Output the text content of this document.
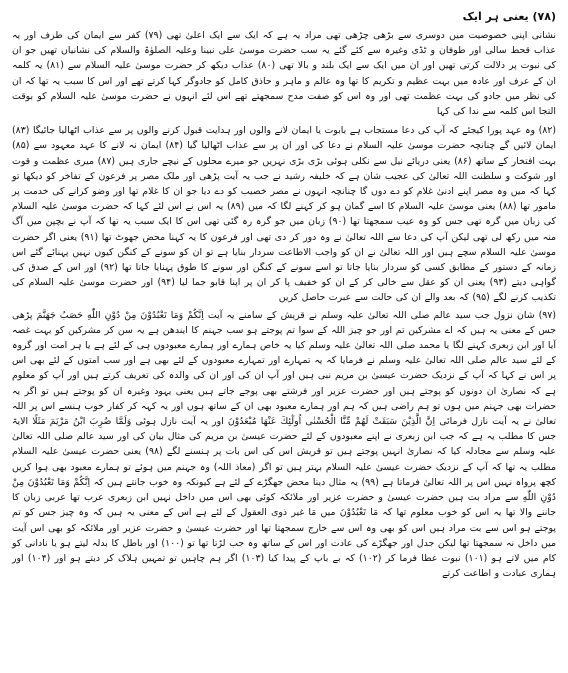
(۷۸) یعنی ہر ایک

نشانی اپنی خصوصیت میں دوسری سے بڑھی چڑھی تھی مراد یہ ہے کہ ایک سے ایک اعلیٰ تھی (۷۹) کفر سے ایمان کی طرف اور یہ عذاب قحط سالی اور طوفان و ٹڈی وغیرہ سے کئے گئے یہ سب حضرت موسیٰ علی نبینا وعلیہ الصلوٰۃ والسلام کی نشانیاں تھیں جو ان کی نبوت پر دلالت کرتی تھیں اور ان میں ایک سے ایک بلند و بالا تھی (۸۰) عذاب دیکھ کر حضرت موسیٰ علیہ السلام سے (۸۱) یہ کلمہ ان کے عرف اور عادہ میں بہت عظیم و تکریم کا تھا وہ عالم و ماہر و حاذق کامل کو جادوگر کہا کرتے تھے اور اس کا سبب یہ تھا کہ ان کی نظر میں جادو کی بہت عظمت تھی اور وہ اس کو صفت مدح سمجھتے تھے اس لئے انہوں نے حضرت موسیٰ علیہ السلام کو بوقت التجا اس کلمہ سے ندا کی کہا

(۸۲) وہ عہد پورا کیجئے کہ آپ کی دعا مستجاب ہے بابوت یا ایمان لانے والوں اور ہدایت قبول کرنے والوں پر سے عذاب اٹھالیا جائیگا (۸۳) ایمان لائیں گے چنانچہ حضرت موسیٰ علیہ السلام نے دعا کی اور ان پر سے عذاب اٹھالیا گیا (۸۴) ایمان نہ لانے کا عہد معہود سے (۸۵) بہت افتخار کے ساتھ (۸۶) یعنی دریائے نیل سے نکلی ہوئی بڑی بڑی نہریں جو میرے محلوں کے نیچے جاری ہیں (۸۷) میری عظمت و قوت اور شوکت و سلطنت اللہ تعالیٰ کی عجیب شان ہے کہ خلیفہ رشید نے جب یہ آیت پڑھی اور ملک مصر پر فرعون کے تفاخر کو دیکھا تو کہا کہ میں وہ مصر اپنے ادنیٰ غلام کو دے دوں گا چنانچہ انہوں نے مصر خصیب کو دے دیا جو ان کا غلام تھا اور وضو کرانے کی خدمت پر مامور تھا (۸۸) یعنی موسیٰ علیہ السلام کا اسے گمان ہو کر کہنے لگا کہ میں (۸۹) یہ اس نے اس لئے کہا کہ حضرت موسیٰ علیہ السلام کی زبان میں گرہ تھی جس کو وہ عیب سمجھتا تھا (۹۰) زبان میں جو گرہ رہ گئی تھی اس کا ایک سبب یہ تھا کہ آپ نے بچپن میں آگ منہ میں رکھ لی تھی لیکن آپ کی دعا سے اللہ تعالیٰ نے وہ دور کر دی تھی اور فرعون کا یہ کہنا محض جھوٹ تھا (۹۱) یعنی اگر حضرت موسیٰ علیہ السلام سچے ہیں اور اللہ تعالیٰ نے ان کو واجب الاطاعت سردار بنایا ہے تو ان کو سونے کے کنگن کیوں نہیں پہنائے گئے اس زمانہ کے دستور کے مطابق کسی کو سردار بنایا جاتا تو اسے سونے کے کنگن اور سونے کا طوق پہنایا جاتا تھا (۹۲) اور اس کے صدق کی گواہی دیتے (۹۳) یعنی ان کو عقل سے خالی کر کے ان کو خفیف پا کر ان پر اپنا قابو جما لیا (۹۴) اور حضرت موسیٰ علیہ السلام کی تکذیب کرنے لگے (۹۵) کہ بعد والے ان کی حالت سے عبرت حاصل کریں

(۹۷) شان نزول جب سید عالم صلی اللہ تعالیٰ علیہ وسلم نے قریش کے سامنے یہ آیت اِنَّكُمْ وَمَا تَعْبُدُوْنَ مِنْ دُوْنِ اللّٰهِ حَصَبُ جَهَنَّمَ پڑھی جس کے معنی یہ ہیں کہ اے مشرکین تم اور جو چیز اللہ کے سوا تم پوجتے ہو سب جہنم کا ایندھن ہے یہ سن کر مشرکین کو بہت غصہ آیا اور ابن زبعری کہنے لگا یا محمد صلی اللہ تعالیٰ علیہ وسلم کیا یہ خاص ہمارے اور ہمارے معبودوں ہی کے لئے ہے یا ہر امت اور گروہ کے لئے سید عالم صلی اللہ تعالیٰ علیہ وسلم نے فرمایا کہ یہ تمہارے اور تمہارے معبودوں کے لئے بھی ہے اور سب امتوں کے لئے بھی اس پر اس نے کہا کہ آپ کے نزدیک حضرت عیسیٰ بن مریم نبی ہیں اور آپ ان کی اور ان کی والدہ کی تعریف کرتے ہیں اور آپ کو معلوم ہے کہ نصاریٰ ان دونوں کو پوجتے ہیں اور حضرت عزیر اور فرشتے بھی پوجے جاتے ہیں یعنی یہود وغیرہ ان کو پوجتے ہیں تو اگر یہ حضرات بھی جہنم میں ہوں تو ہم راضی ہیں کہ ہم اور ہمارے معبود بھی ان کے ساتھ ہوں اور یہ کہہ کر کفار خوب ہنسے اس پر اللہ تعالیٰ نے یہ آیت نازل فرمائی اِنَّ الَّذِيْنَ سَبَقَتْ لَهُمْ مِّنَّا الْحُسْنٰى اُولٰٓئِكَ عَنْهَا مُبْعَدُوْنَ اور یہ آیت نازل ہوئی وَلَمَّا ضُرِبَ ابْنُ مَرْيَمَ مَثَلًا الایۃ جس کا مطلب یہ ہے کہ جب ابن زبعری نے اپنے معبودوں کے لئے حضرت عیسیٰ بن مریم کی مثال بیان کی اور سید عالم صلی اللہ تعالیٰ علیہ وسلم سے مجادلہ کیا کہ نصاریٰ انہیں پوجتے ہیں تو قریش اس کی اس بات پر ہنسنے لگے (۹۸) یعنی حضرت عیسیٰ علیہ السلام مطلب یہ تھا کہ آپ کے نزدیک حضرت عیسیٰ علیہ السلام بہتر ہیں تو اگر (معاذ اللہ) وہ جہنم میں ہوئے تو ہمارے معبود بھی ہوا کریں کچھ پرواہ نہیں اس پر اللہ تعالیٰ فرماتا ہے (۹۹) یہ مثال دینا محض جھگڑے کے لئے ہے کیونکہ وہ خوب جانتے ہیں کہ اِنَّكُمْ وَمَا تَعْبُدُوْنَ مِنْ دُوْنِ اللّٰهِ سے مراد بت ہیں حضرت عیسیٰ و حضرت عزیر اور ملائکہ کوئی بھی اس میں داخل نہیں ابن زبعری عرب تھا عربی زبان کا جاننے والا تھا یہ اس کو خوب معلوم تھا کہ مَا تَعْبُدُوْنَ میں مَا غیر ذوی العقول کے لئے ہے اس کے معنی یہ ہیں کہ وہ چیز جس کو تم پوجتے ہو اس سے بت مراد ہیں اس کو بھی وہ اس سے خارج سمجھتا تھا اور حضرت عیسیٰ و حضرت عزیر اور ملائکہ کو بھی اس آیت میں داخل نہ سمجھتا تھا لیکن جدل اور جھگڑے کی عادت اور اس کے ساتھ وہ جب لڑتا تھا تو (۱۰۰) اور باطل کا بدلہ لیتے ہو یا نادانی کو کام میں لاتے ہو (۱۰۱) نبوت عطا فرما کر (۱۰۲) کہ بے باپ کے پیدا کیا (۱۰۳) اگر ہم چاہیں تو تمہیں ہلاک کر دیتے ہو اور (۱۰۴) اور ہماری عبادت و اطاعت کرتے
